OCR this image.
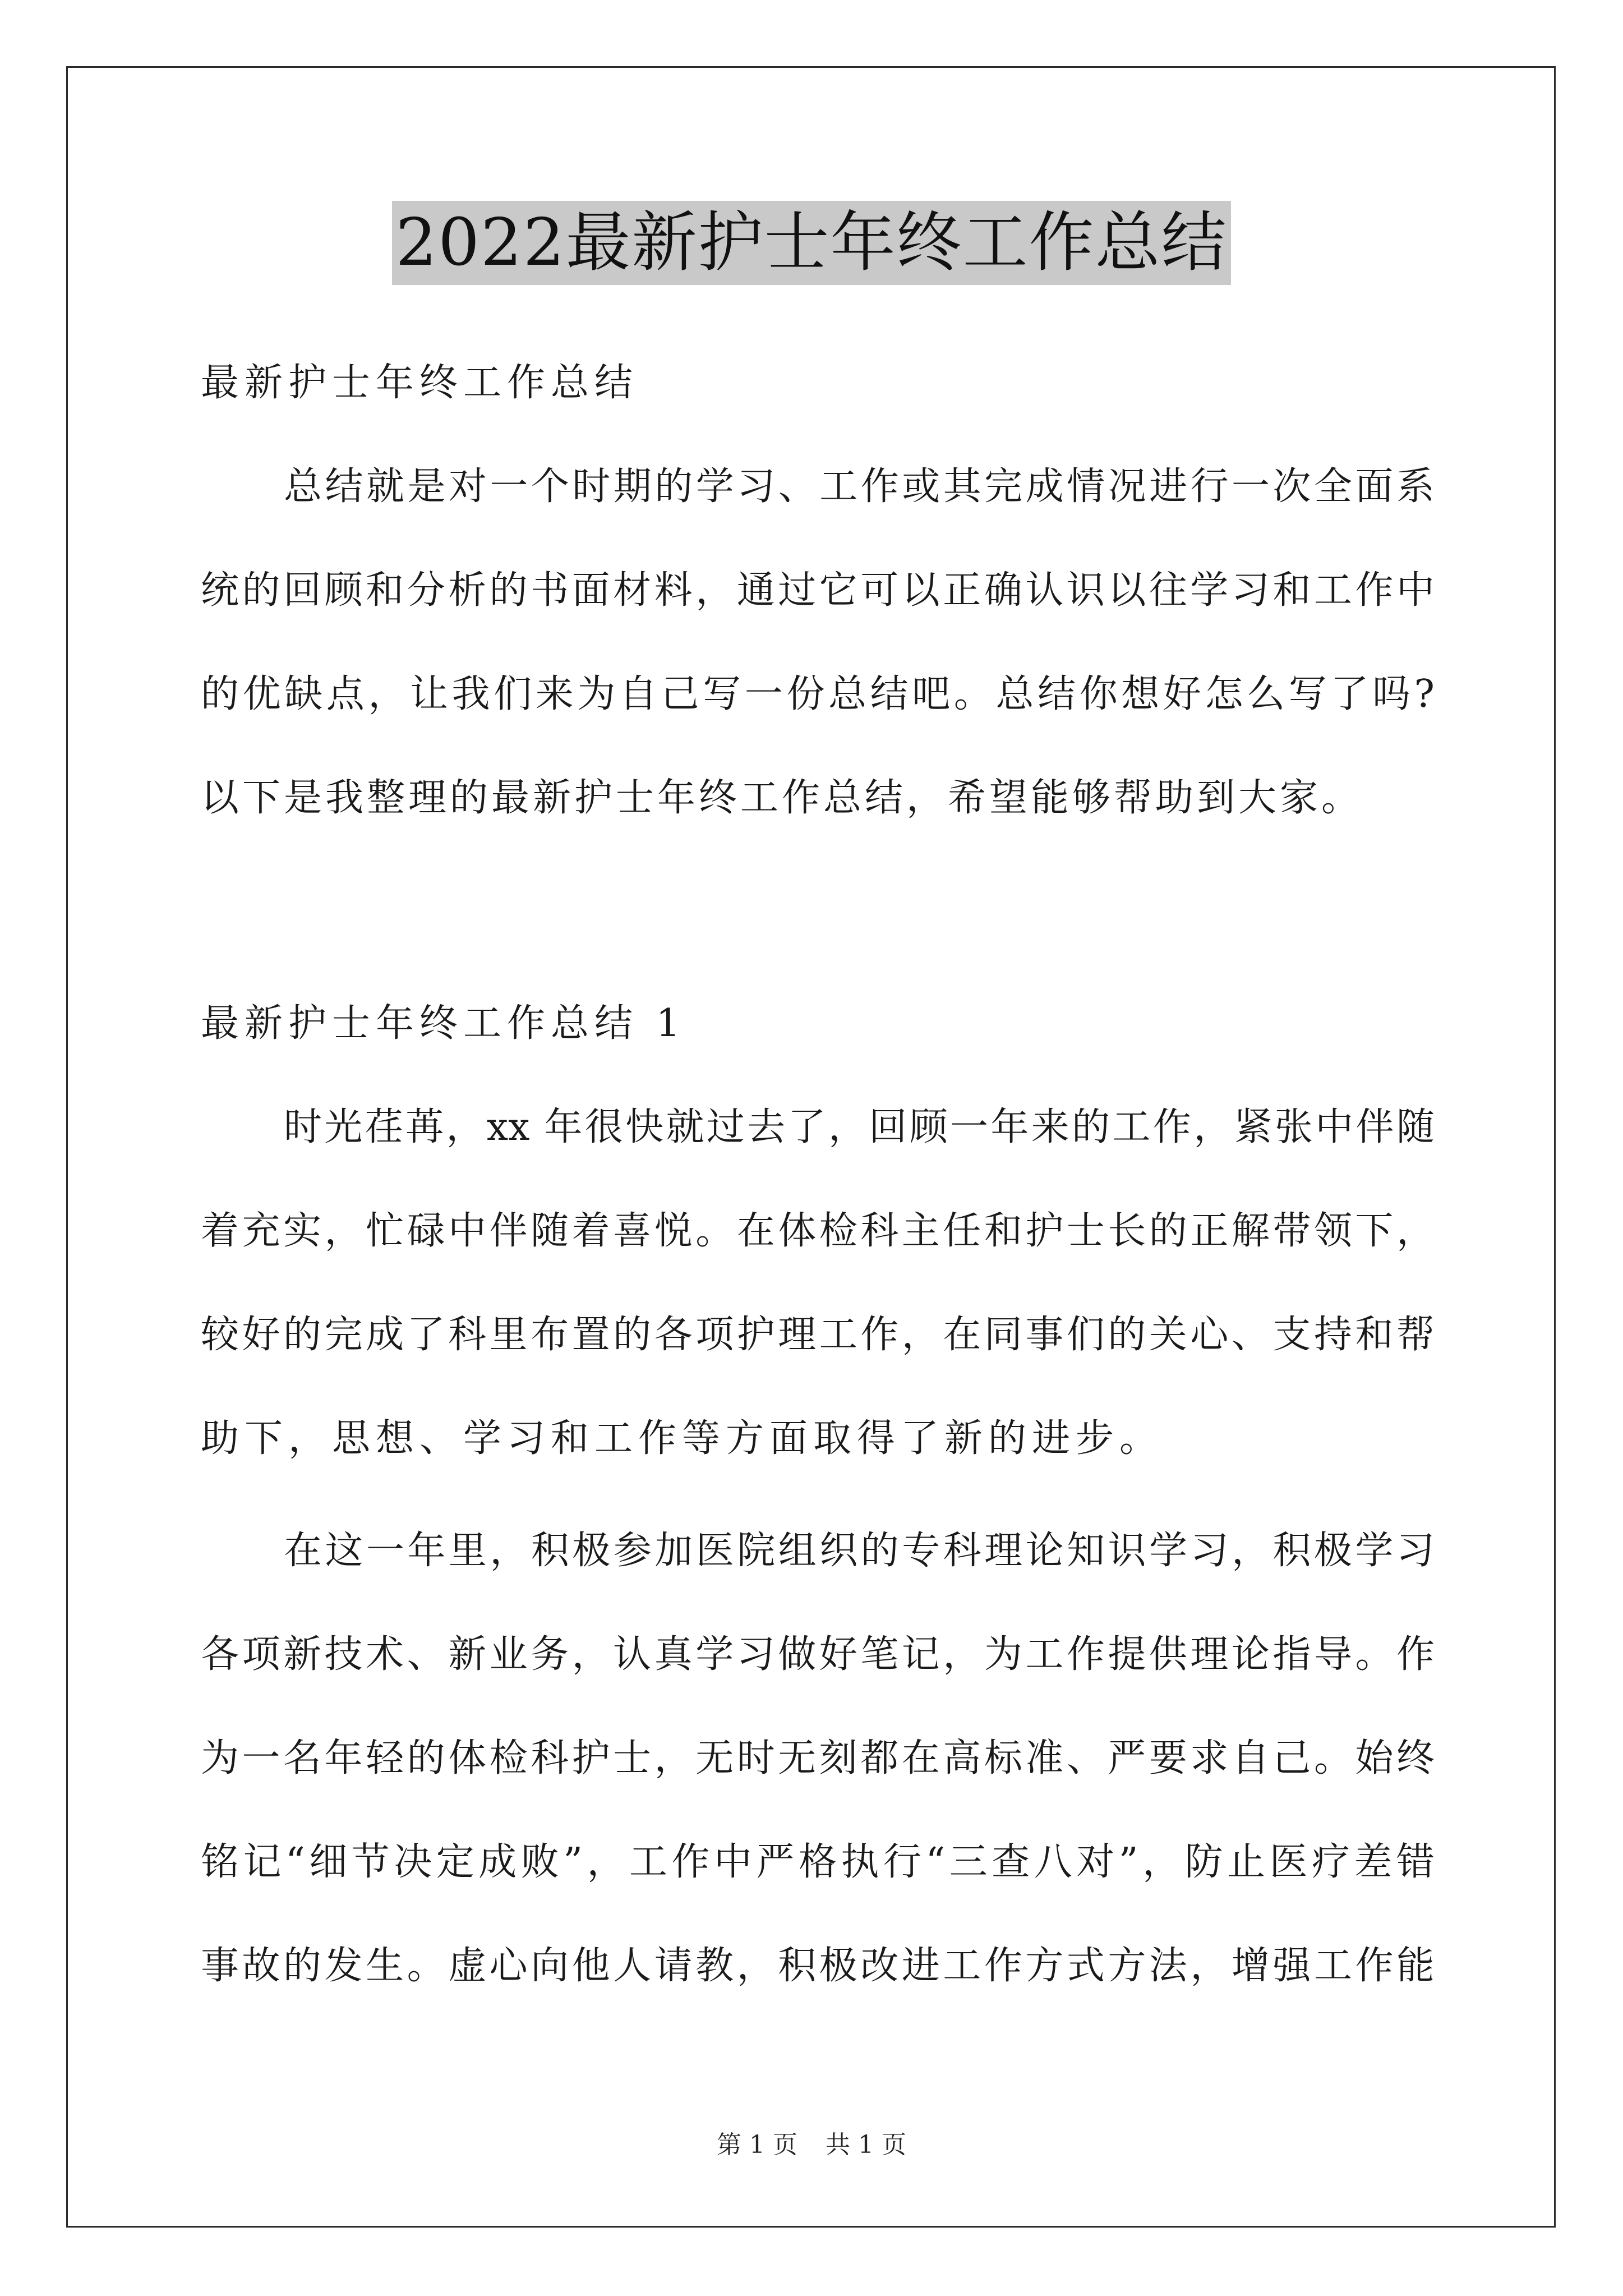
2022最新护士年终工作总结
最新护士年终工作总结
总结就是对一个时期的学习、工作或其完成情况进行一次全面系
统的回顾和分析的书面材料，通过它可以正确认识以往学习和工作中
的优缺点，让我们来为自己写一份总结吧。总结你想好怎么写了吗?
以下是我整理的最新护士年终工作总结，希望能够帮助到大家。
最新护士年终工作总结 1
时光荏苒，xx 年很快就过去了，回顾一年来的工作，紧张中伴随
着充实，忙碌中伴随着喜悦。在体检科主任和护士长的正解带领下，
较好的完成了科里布置的各项护理工作，在同事们的关心、支持和帮
助下，思想、学习和工作等方面取得了新的进步。
在这一年里，积极参加医院组织的专科理论知识学习，积极学习
各项新技术、新业务，认真学习做好笔记，为工作提供理论指导。作
为一名年轻的体检科护士，无时无刻都在高标准、严要求自己。始终
铭记“细节决定成败”，工作中严格执行“三查八对”，防止医疗差错
事故的发生。虚心向他人请教，积极改进工作方式方法，增强工作能
第 1 页 共 1 页
